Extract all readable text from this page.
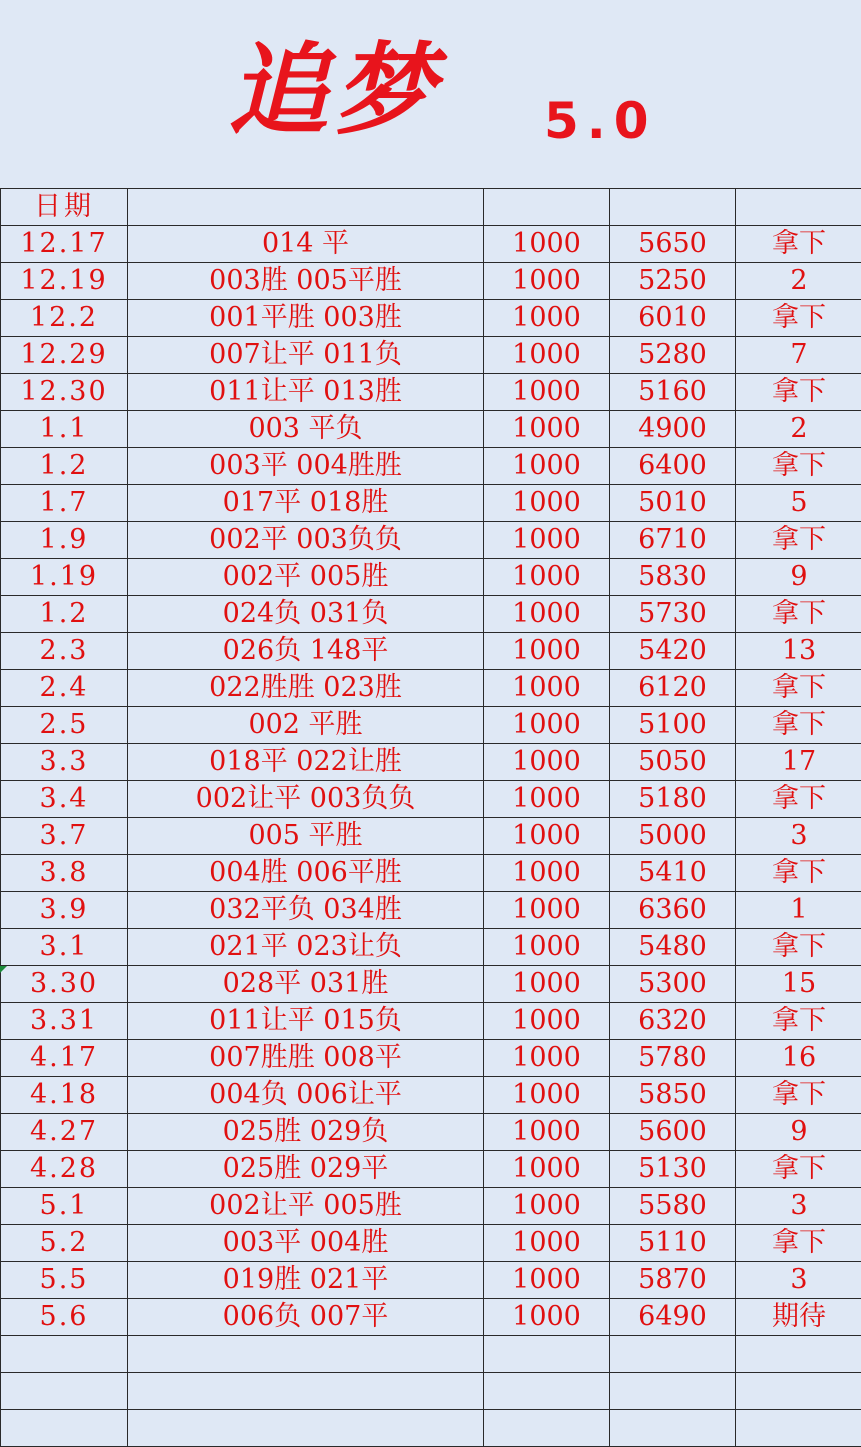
追梦 5.0
日期				
12.17	014 平	1000	5650	拿下
12.19	003胜 005平胜	1000	5250	2
12.2	001平胜 003胜	1000	6010	拿下
12.29	007让平 011负	1000	5280	7
12.30	011让平 013胜	1000	5160	拿下
1.1	003 平负	1000	4900	2
1.2	003平 004胜胜	1000	6400	拿下
1.7	017平 018胜	1000	5010	5
1.9	002平 003负负	1000	6710	拿下
1.19	002平 005胜	1000	5830	9
1.2	024负 031负	1000	5730	拿下
2.3	026负 148平	1000	5420	13
2.4	022胜胜 023胜	1000	6120	拿下
2.5	002 平胜	1000	5100	拿下
3.3	018平 022让胜	1000	5050	17
3.4	002让平 003负负	1000	5180	拿下
3.7	005 平胜	1000	5000	3
3.8	004胜 006平胜	1000	5410	拿下
3.9	032平负 034胜	1000	6360	1
3.1	021平 023让负	1000	5480	拿下
3.30	028平 031胜	1000	5300	15
3.31	011让平 015负	1000	6320	拿下
4.17	007胜胜 008平	1000	5780	16
4.18	004负 006让平	1000	5850	拿下
4.27	025胜 029负	1000	5600	9
4.28	025胜 029平	1000	5130	拿下
5.1	002让平 005胜	1000	5580	3
5.2	003平 004胜	1000	5110	拿下
5.5	019胜 021平	1000	5870	3
5.6	006负 007平	1000	6490	期待
